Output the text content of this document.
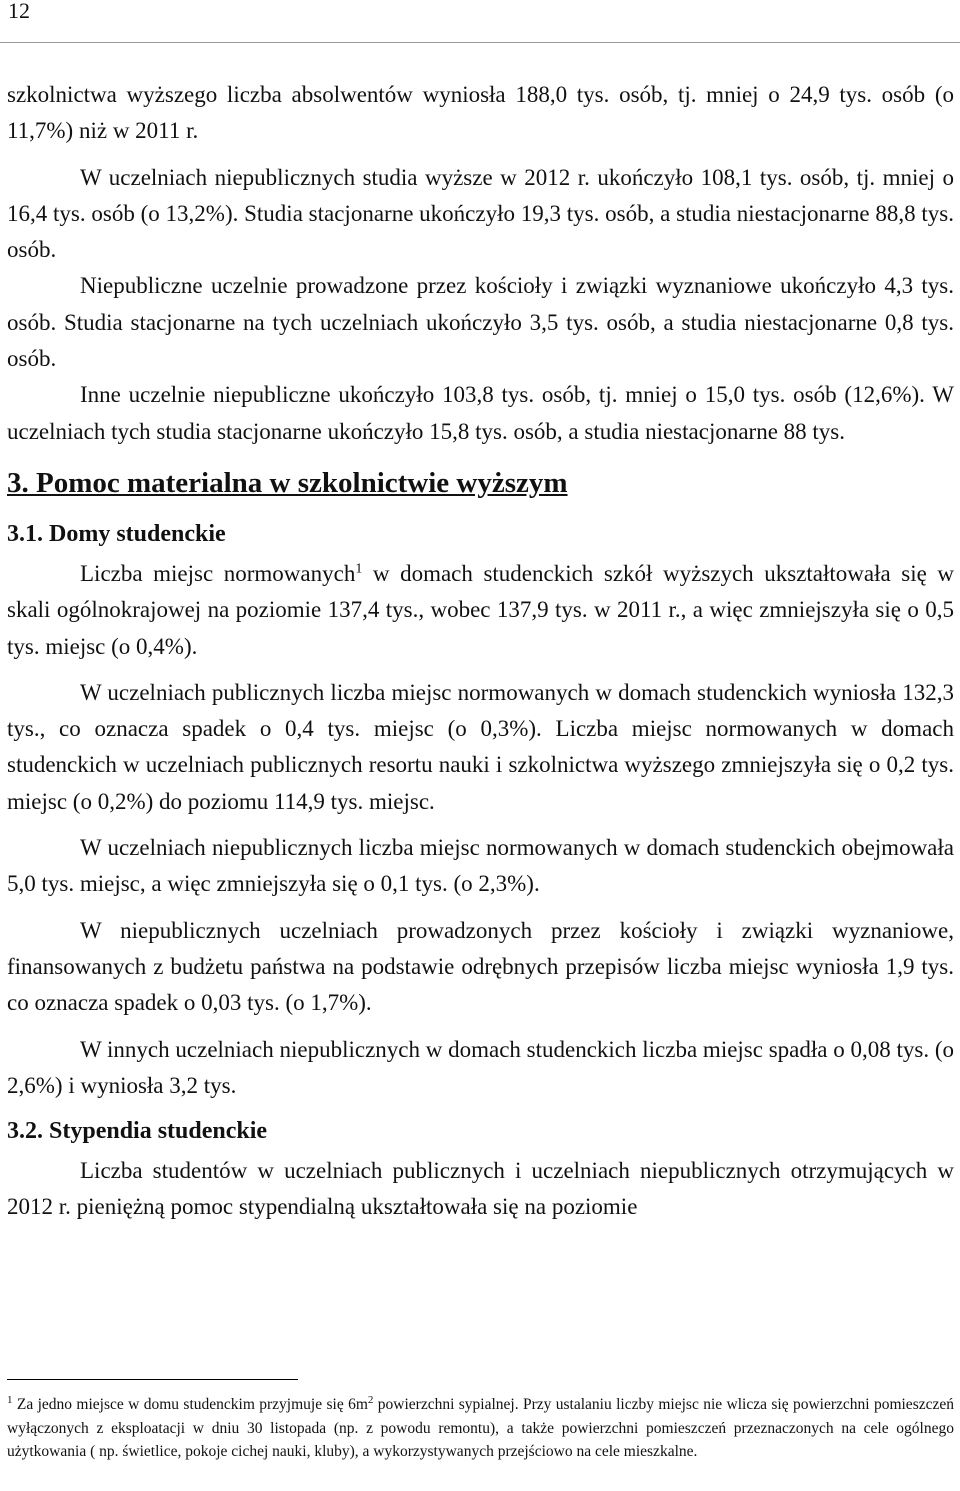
12

szkolnictwa wyższego liczba absolwentów wyniosła 188,0 tys. osób, tj. mniej o 24,9 tys. osób (o 11,7%) niż w 2011 r.

W uczelniach niepublicznych studia wyższe w 2012 r. ukończyło 108,1 tys. osób, tj. mniej o 16,4 tys. osób (o 13,2%). Studia stacjonarne ukończyło 19,3 tys. osób, a studia niestacjonarne 88,8 tys. osób.

Niepubliczne uczelnie prowadzone przez kościoły i związki wyznaniowe ukończyło 4,3 tys. osób. Studia stacjonarne na tych uczelniach ukończyło 3,5 tys. osób, a studia niestacjonarne 0,8 tys. osób.

Inne uczelnie niepubliczne ukończyło 103,8 tys. osób, tj. mniej o 15,0 tys. osób (12,6%). W uczelniach tych studia stacjonarne ukończyło 15,8 tys. osób, a studia niestacjonarne 88 tys.

3. Pomoc materialna w szkolnictwie wyższym
3.1. Domy studenckie

Liczba miejsc normowanych$^1$ w domach studenckich szkół wyższych ukształtowała się w skali ogólnokrajowej na poziomie 137,4 tys., wobec 137,9 tys. w 2011 r., a więc zmniejszyła się o 0,5 tys. miejsc (o 0,4%).

W uczelniach publicznych liczba miejsc normowanych w domach studenckich wyniosła 132,3 tys., co oznacza spadek o 0,4 tys. miejsc (o 0,3%). Liczba miejsc normowanych w domach studenckich w uczelniach publicznych resortu nauki i szkolnictwa wyższego zmniejszyła się o 0,2 tys. miejsc (o 0,2%) do poziomu 114,9 tys. miejsc.

W uczelniach niepublicznych liczba miejsc normowanych w domach studenckich obejmowała 5,0 tys. miejsc, a więc zmniejszyła się o 0,1 tys. (o 2,3%).

W niepublicznych uczelniach prowadzonych przez kościoły i związki wyznaniowe, finansowanych z budżetu państwa na podstawie odrębnych przepisów liczba miejsc wyniosła 1,9 tys. co oznacza spadek o 0,03 tys. (o 1,7%).

W innych uczelniach niepublicznych w domach studenckich liczba miejsc spadła o 0,08 tys. (o 2,6%) i wyniosła 3,2 tys.

3.2. Stypendia studenckie

Liczba studentów w uczelniach publicznych i uczelniach niepublicznych otrzymujących w 2012 r. pieniężną pomoc stypendialną ukształtowała się na poziomie

$^1$ Za jedno miejsce w domu studenckim przyjmuje się $6m^2$ powierzchni sypialnej. Przy ustalaniu liczby miejsc nie wlicza się powierzchni pomieszczeń wyłączonych z eksploatacji w dniu 30 listopada (np. z powodu remontu), a także powierzchni pomieszczeń przeznaczonych na cele ogólnego użytkowania ( np. świetlice, pokoje cichej nauki, kluby), a wykorzystywanych przejściowo na cele mieszkalne.
